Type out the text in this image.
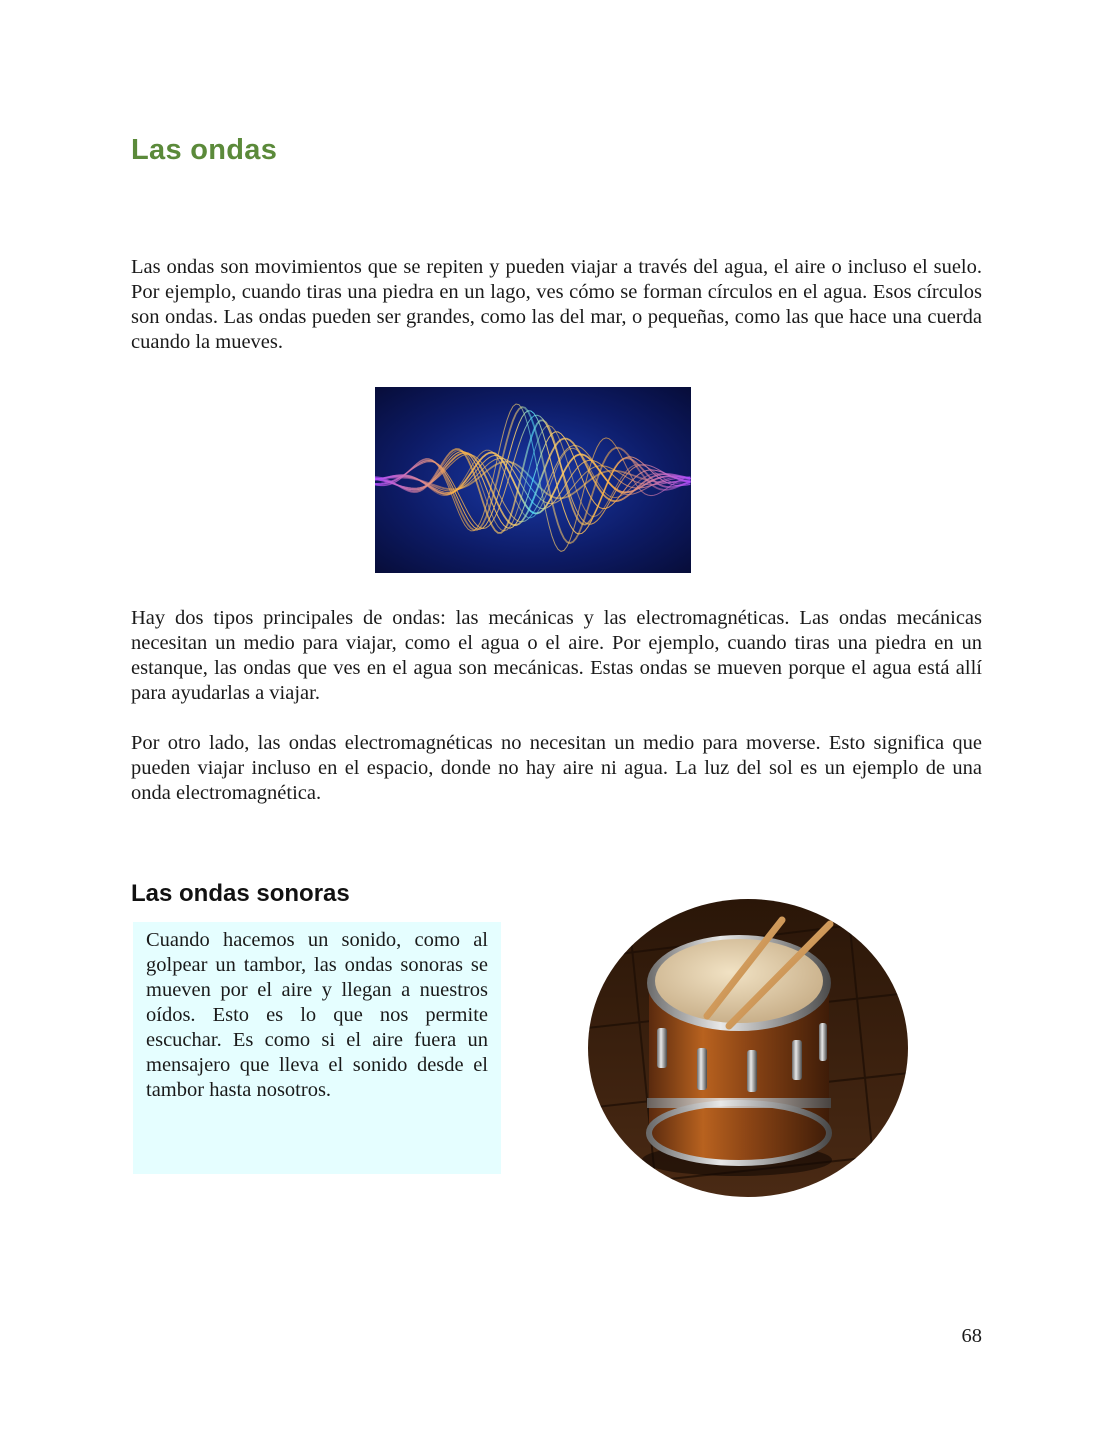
Las ondas

Las ondas son movimientos que se repiten y pueden viajar a través del agua, el aire o incluso el suelo. Por ejemplo, cuando tiras una piedra en un lago, ves cómo se forman círculos en el agua. Esos círculos son ondas. Las ondas pueden ser grandes, como las del mar, o pequeñas, como las que hace una cuerda cuando la mueves.

Hay dos tipos principales de ondas: las mecánicas y las electromagnéticas. Las ondas mecánicas necesitan un medio para viajar, como el agua o el aire. Por ejemplo, cuando tiras una piedra en un estanque, las ondas que ves en el agua son mecánicas. Estas ondas se mueven porque el agua está allí para ayudarlas a viajar.

Por otro lado, las ondas electromagnéticas no necesitan un medio para moverse. Esto significa que pueden viajar incluso en el espacio, donde no hay aire ni agua. La luz del sol es un ejemplo de una onda electromagnética.

Las ondas sonoras

Cuando hacemos un sonido, como al golpear un tambor, las ondas sonoras se mueven por el aire y llegan a nuestros oídos. Esto es lo que nos permite escuchar. Es como si el aire fuera un mensajero que lleva el sonido desde el tambor hasta nosotros.

68
